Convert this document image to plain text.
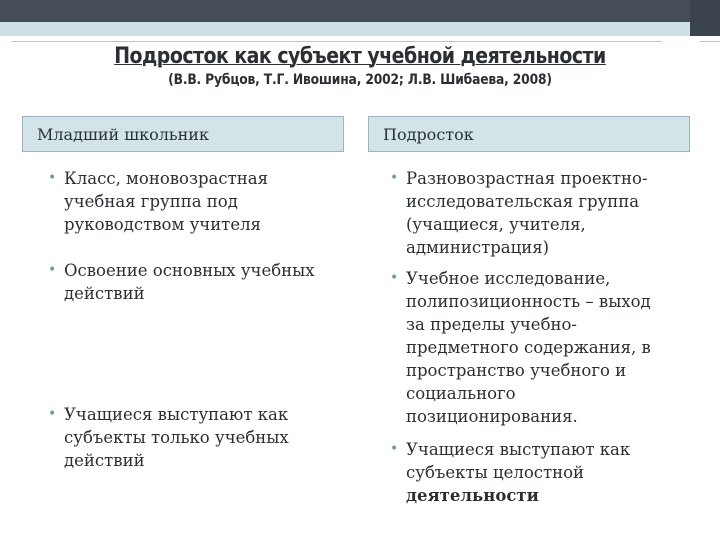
Подросток как субъект учебной деятельности
(В.В. Рубцов, Т.Г. Ивошина, 2002; Л.В. Шибаева, 2008)
Младший школьник	Подросток
• Класс, моновозрастная
учебная группа под
руководством учителя
• Освоение основных учебных
действий
• Учащиеся выступают как
субъекты только учебных
действий
• Разновозрастная проектно-
исследовательская группа
(учащиеся, учителя,
администрация)
• Учебное исследование,
полипозиционность – выход
за пределы учебно-
предметного содержания, в
пространство учебного и
социального
позиционирования.
• Учащиеся выступают как
субъекты целостной
деятельности
